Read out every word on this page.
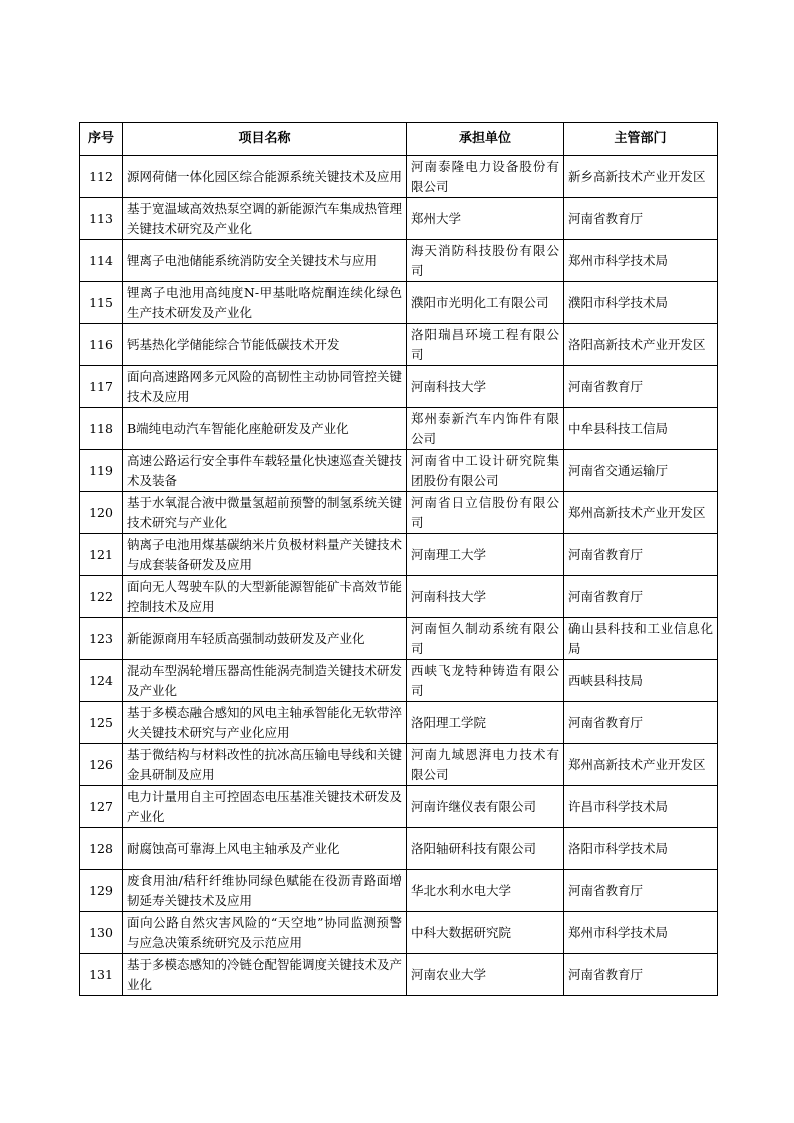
序号	项目名称	承担单位	主管部门
112	源网荷储一体化园区综合能源系统关键技术及应用	河南泰隆电力设备股份有限公司	新乡高新技术产业开发区
113	基于宽温域高效热泵空调的新能源汽车集成热管理关键技术研究及产业化	郑州大学	河南省教育厅
114	锂离子电池储能系统消防安全关键技术与应用	海天消防科技股份有限公司	郑州市科学技术局
115	锂离子电池用高纯度N-甲基吡咯烷酮连续化绿色生产技术研发及产业化	濮阳市光明化工有限公司	濮阳市科学技术局
116	钙基热化学储能综合节能低碳技术开发	洛阳瑞昌环境工程有限公司	洛阳高新技术产业开发区
117	面向高速路网多元风险的高韧性主动协同管控关键技术及应用	河南科技大学	河南省教育厅
118	B端纯电动汽车智能化座舱研发及产业化	郑州泰新汽车内饰件有限公司	中牟县科技工信局
119	高速公路运行安全事件车载轻量化快速巡查关键技术及装备	河南省中工设计研究院集团股份有限公司	河南省交通运输厅
120	基于水氧混合液中微量氢超前预警的制氢系统关键技术研究与产业化	河南省日立信股份有限公司	郑州高新技术产业开发区
121	钠离子电池用煤基碳纳米片负极材料量产关键技术与成套装备研发及应用	河南理工大学	河南省教育厅
122	面向无人驾驶车队的大型新能源智能矿卡高效节能控制技术及应用	河南科技大学	河南省教育厅
123	新能源商用车轻质高强制动鼓研发及产业化	河南恒久制动系统有限公司	确山县科技和工业信息化局
124	混动车型涡轮增压器高性能涡壳制造关键技术研发及产业化	西峡飞龙特种铸造有限公司	西峡县科技局
125	基于多模态融合感知的风电主轴承智能化无软带淬火关键技术研究与产业化应用	洛阳理工学院	河南省教育厅
126	基于微结构与材料改性的抗冰高压输电导线和关键金具研制及应用	河南九域恩湃电力技术有限公司	郑州高新技术产业开发区
127	电力计量用自主可控固态电压基准关键技术研发及产业化	河南许继仪表有限公司	许昌市科学技术局
128	耐腐蚀高可靠海上风电主轴承及产业化	洛阳轴研科技有限公司	洛阳市科学技术局
129	废食用油/秸秆纤维协同绿色赋能在役沥青路面增韧延寿关键技术及应用	华北水利水电大学	河南省教育厅
130	面向公路自然灾害风险的“天空地”协同监测预警与应急决策系统研究及示范应用	中科大数据研究院	郑州市科学技术局
131	基于多模态感知的冷链仓配智能调度关键技术及产业化	河南农业大学	河南省教育厅
